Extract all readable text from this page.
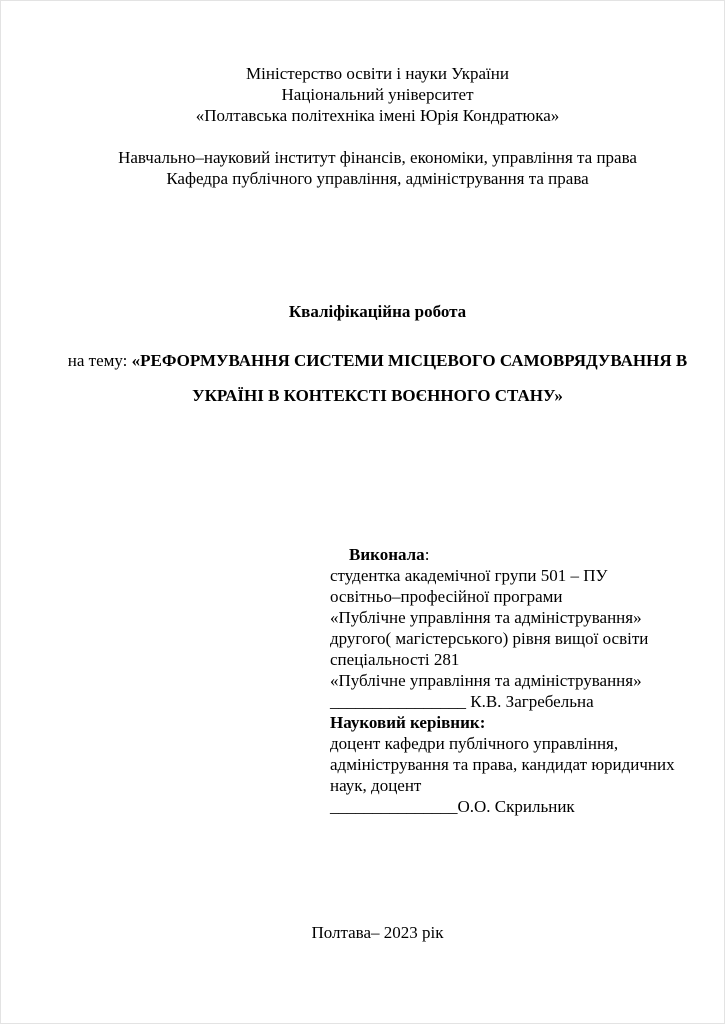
Міністерство освіти і науки України
Національний університет
«Полтавська політехніка імені Юрія Кондратюка»

Навчально–науковий інститут фінансів, економіки, управління та права
Кафедра публічного управління, адміністрування та права

Кваліфікаційна робота
на тему: «РЕФОРМУВАННЯ СИСТЕМИ МІСЦЕВОГО САМОВРЯДУВАННЯ В УКРАЇНІ В КОНТЕКСТІ ВОЄННОГО СТАНУ»
Виконала:
студентка академічної групи 501 – ПУ
освітньо–професійної програми
«Публічне управління та адміністрування»
другого( магістерського) рівня вищої освіти
спеціальності 281
«Публічне управління та адміністрування»
________________ К.В. Загребельна
Науковий керівник:
доцент кафедри публічного управління,
адміністрування та права, кандидат юридичних
наук, доцент
_______________О.О. Скрильник
Полтава– 2023 рік
